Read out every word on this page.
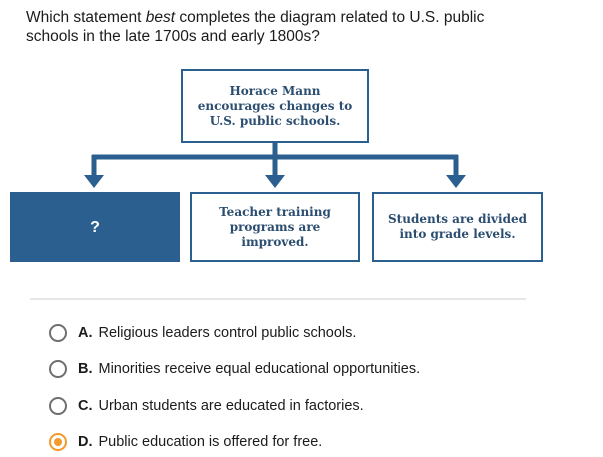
Which statement best completes the diagram related to U.S. public
schools in the late 1700s and early 1800s?

Horace Mann
encourages changes to
U.S. public schools.
?
Teacher training
programs are
improved.
Students are divided
into grade levels.
A. Religious leaders control public schools.
B. Minorities receive equal educational opportunities.
C. Urban students are educated in factories.
D. Public education is offered for free.
